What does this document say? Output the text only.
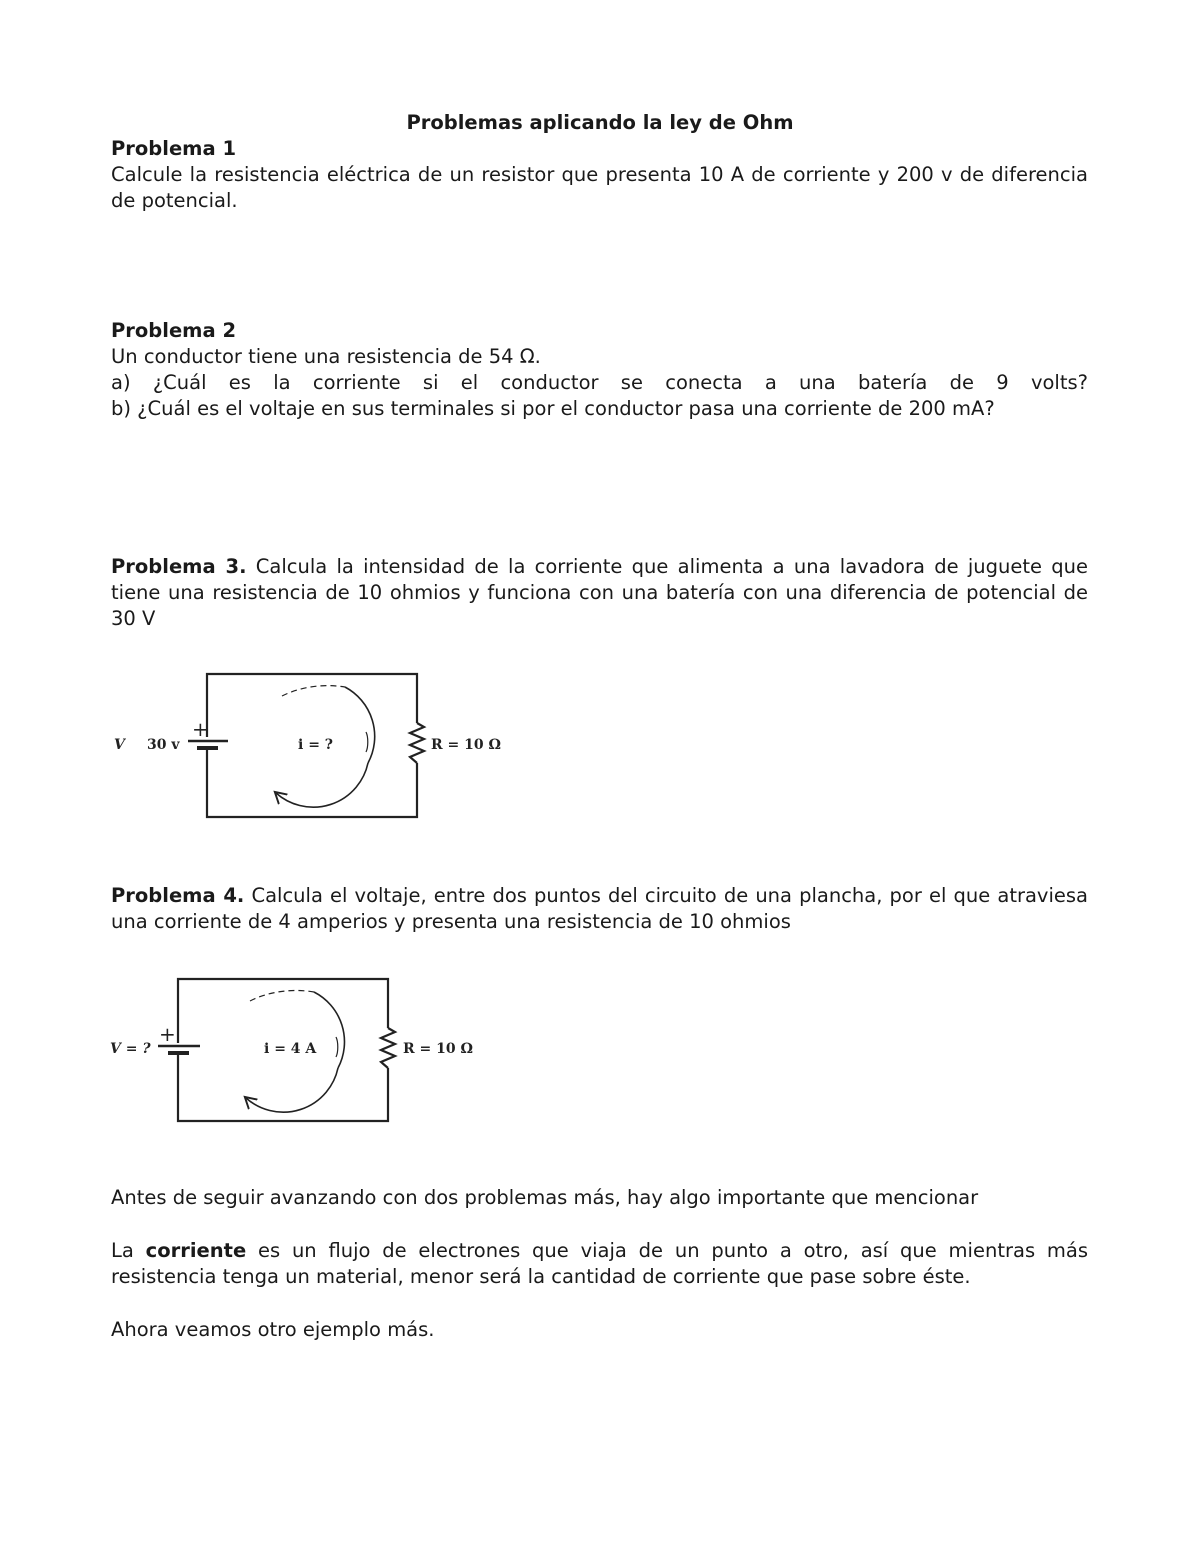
Problemas aplicando la ley de Ohm
Problema 1
Calcule la resistencia eléctrica de un resistor que presenta 10 A de corriente y 200 v de diferencia
de potencial.
Problema 2
Un conductor tiene una resistencia de 54 Ω.
a) ¿Cuál es la corriente si el conductor se conecta a una batería de 9 volts?
b) ¿Cuál es el voltaje en sus terminales si por el conductor pasa una corriente de 200 mA?
Problema 3. Calcula la intensidad de la corriente que alimenta a una lavadora de juguete que tiene una resistencia de 10 ohmios y funciona con una batería con una diferencia de potencial de 30 V
+
V 30 v	i = ?	R = 10 Ω
Problema 4. Calcula el voltaje, entre dos puntos del circuito de una plancha, por el que atraviesa una corriente de 4 amperios y presenta una resistencia de 10 ohmios
+
V = ?	i = 4 A	R = 10 Ω
Antes de seguir avanzando con dos problemas más, hay algo importante que mencionar
La corriente es un flujo de electrones que viaja de un punto a otro, así que mientras más resistencia tenga un material, menor será la cantidad de corriente que pase sobre éste.
Ahora veamos otro ejemplo más.
